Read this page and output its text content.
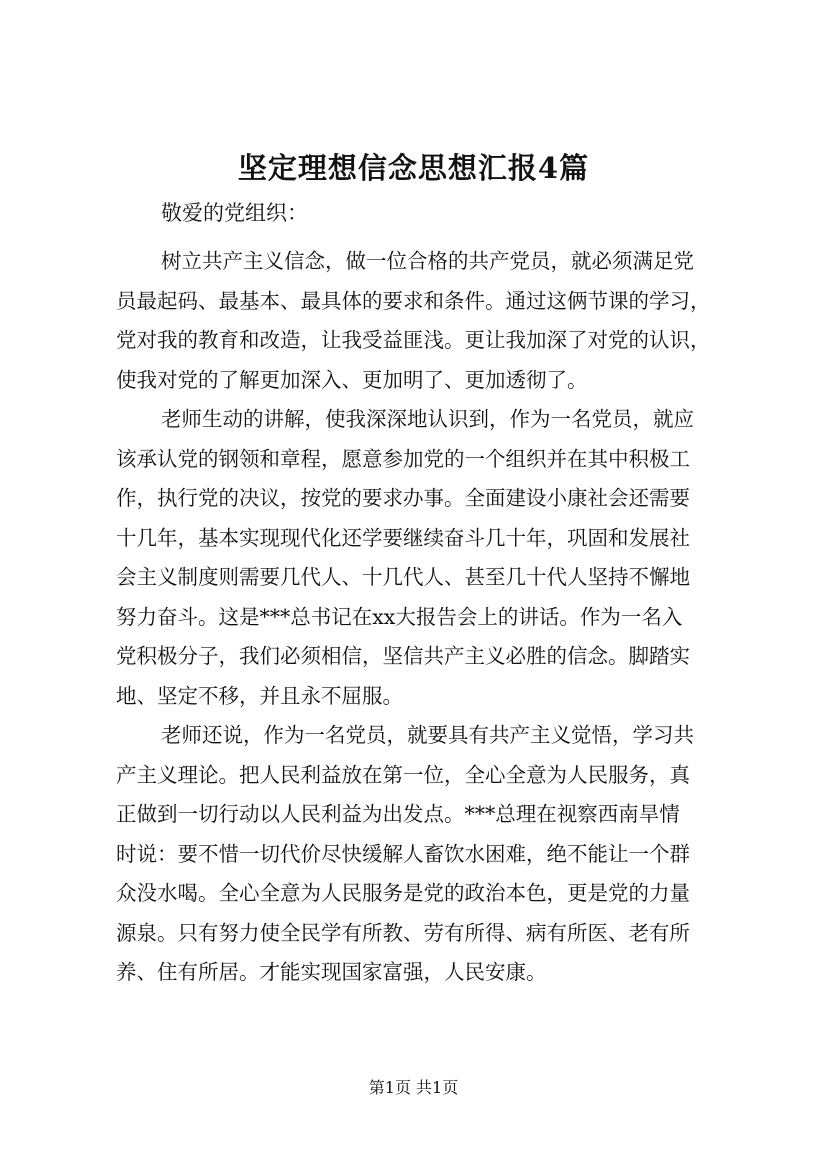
坚定理想信念思想汇报4篇
敬爱的党组织：

树立共产主义信念，做一位合格的共产党员，就必须满足党
员最起码、最基本、最具体的要求和条件。通过这俩节课的学习，
党对我的教育和改造，让我受益匪浅。更让我加深了对党的认识，
使我对党的了解更加深入、更加明了、更加透彻了。

老师生动的讲解，使我深深地认识到，作为一名党员，就应
该承认党的钢领和章程，愿意参加党的一个组织并在其中积极工
作，执行党的决议，按党的要求办事。全面建设小康社会还需要
十几年，基本实现现代化还学要继续奋斗几十年，巩固和发展社
会主义制度则需要几代人、十几代人、甚至几十代人坚持不懈地
努力奋斗。这是***总书记在xx大报告会上的讲话。作为一名入
党积极分子，我们必须相信，坚信共产主义必胜的信念。脚踏实
地、坚定不移，并且永不屈服。

老师还说，作为一名党员，就要具有共产主义觉悟，学习共
产主义理论。把人民利益放在第一位，全心全意为人民服务，真
正做到一切行动以人民利益为出发点。***总理在视察西南旱情
时说：要不惜一切代价尽快缓解人畜饮水困难，绝不能让一个群
众没水喝。全心全意为人民服务是党的政治本色，更是党的力量
源泉。只有努力使全民学有所教、劳有所得、病有所医、老有所
养、住有所居。才能实现国家富强，人民安康。

第1页 共1页
